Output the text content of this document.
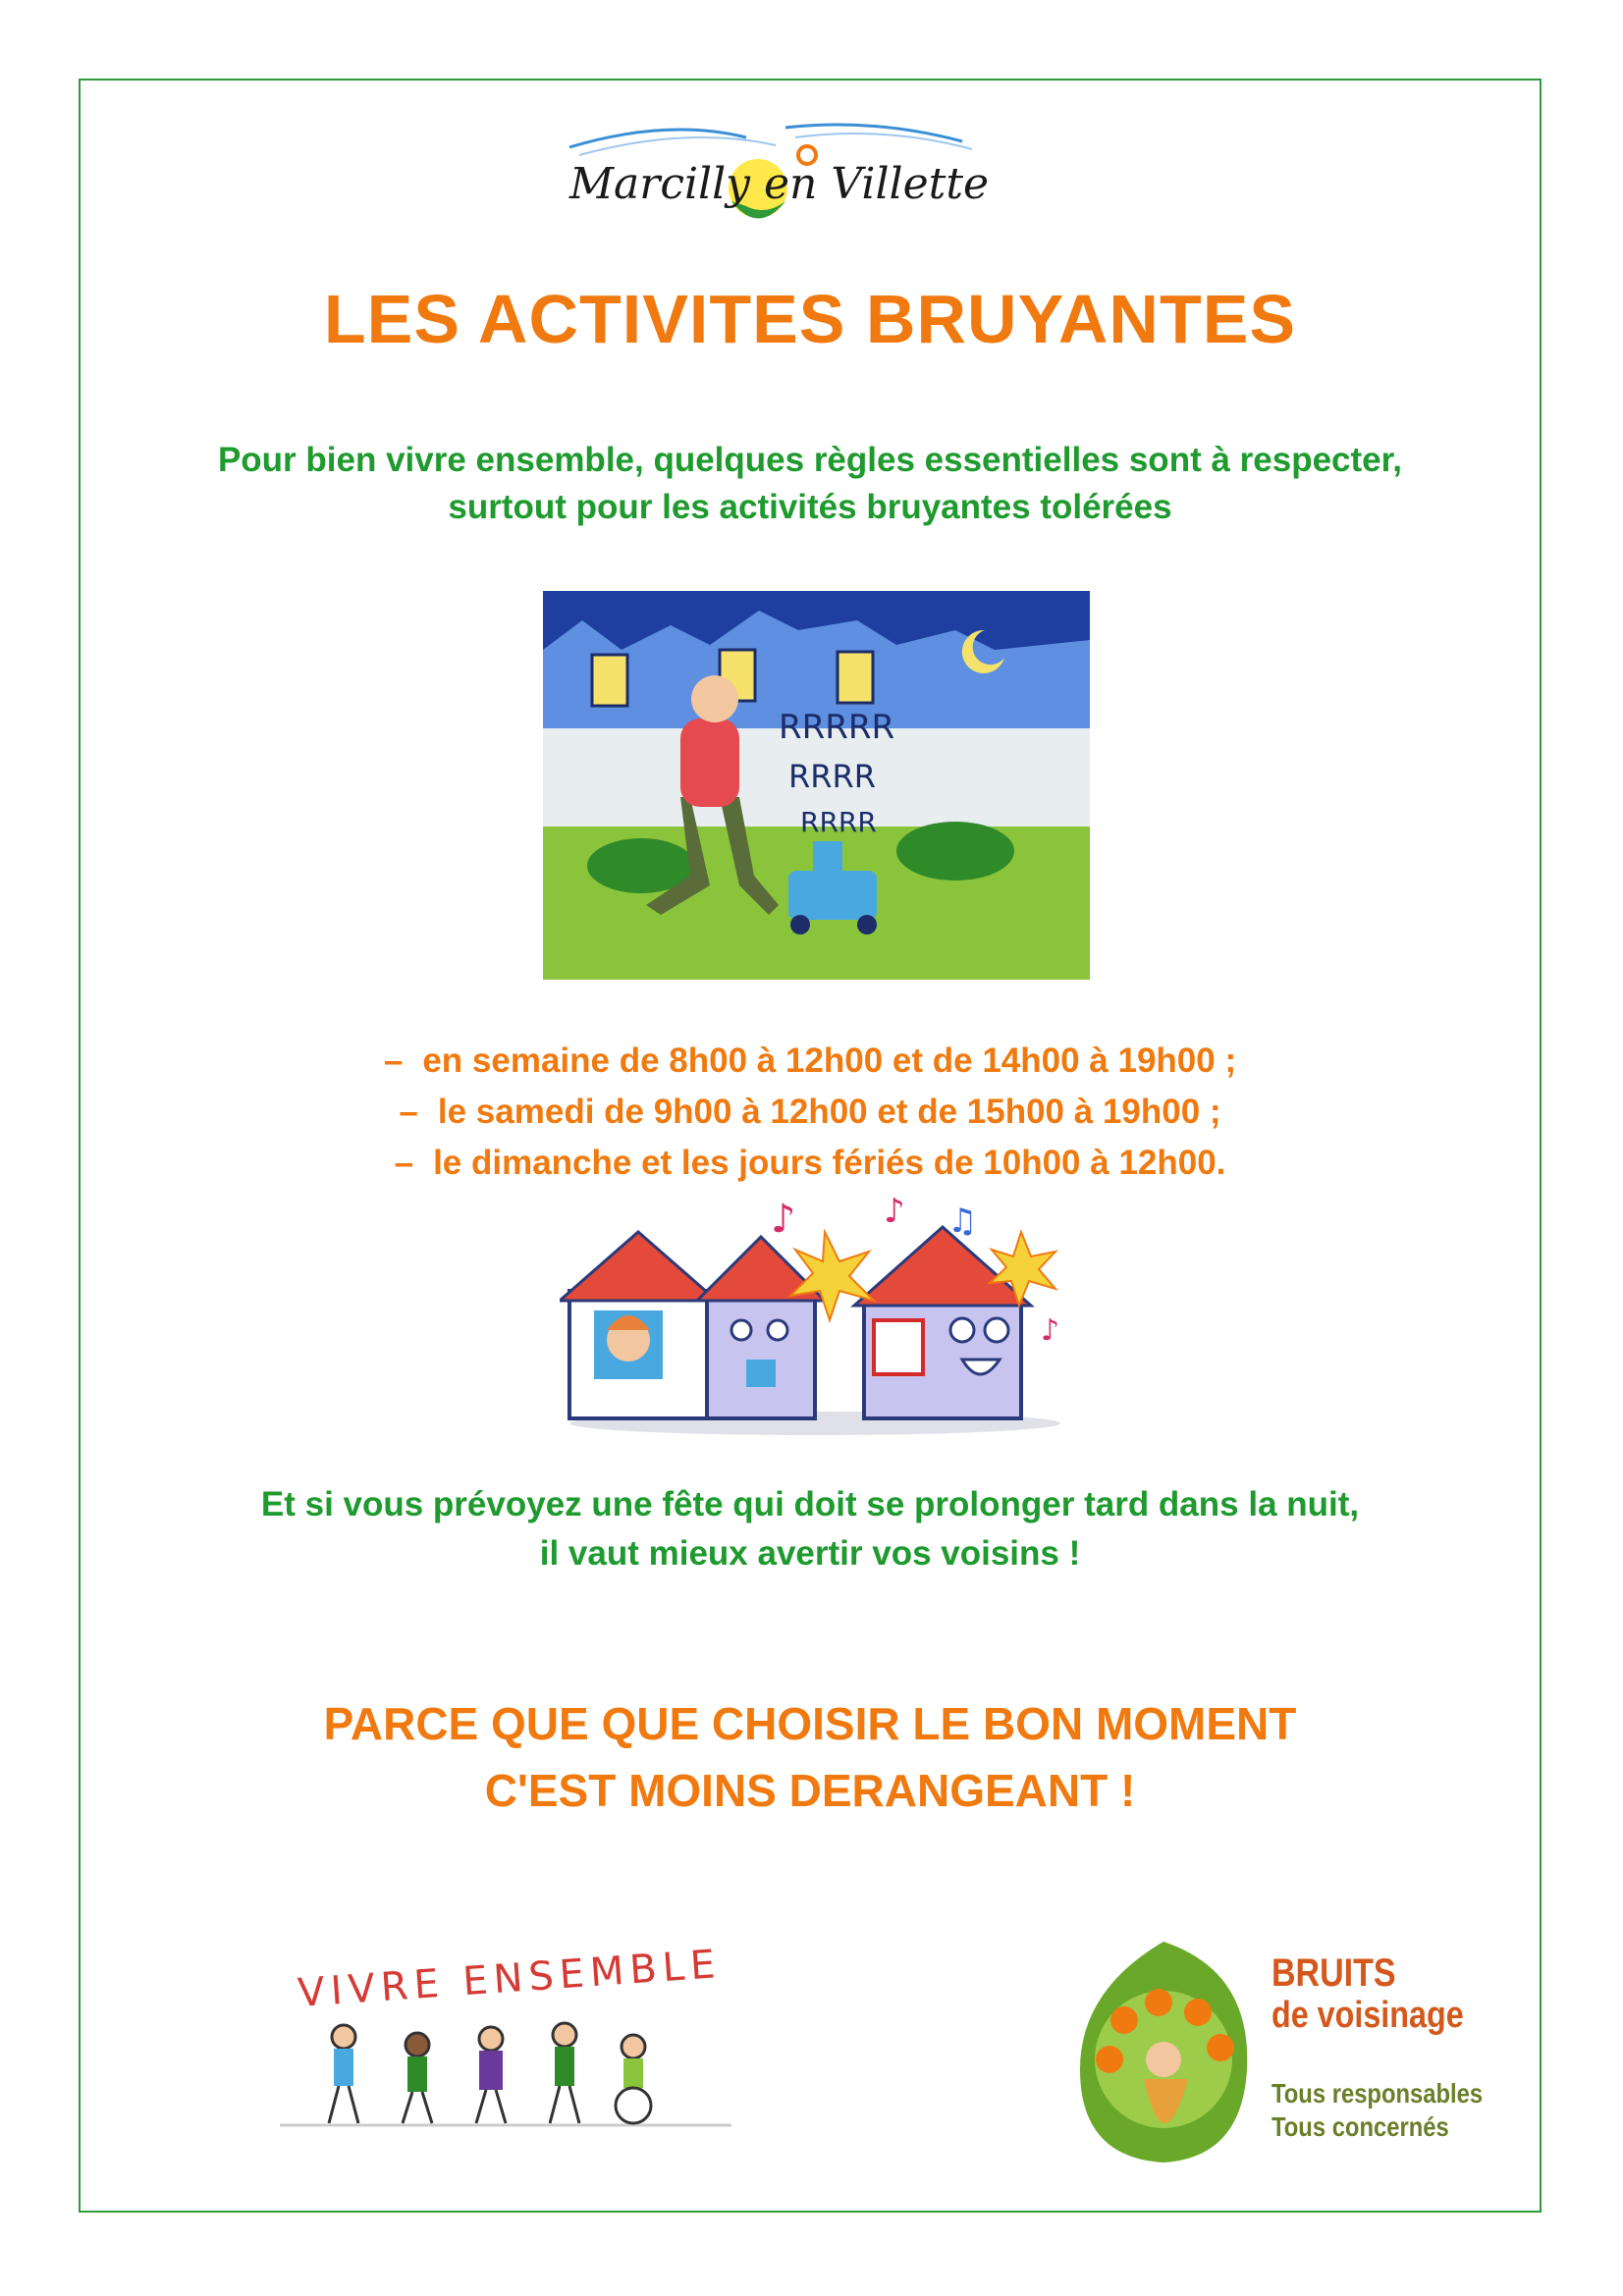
Marcilly en Villette
LES ACTIVITES BRUYANTES
Pour bien vivre ensemble, quelques règles essentielles sont à respecter,
surtout pour les activités bruyantes tolérées
RRRRR
RRRR
RRRR
– en semaine de 8h00 à 12h00 et de 14h00 à 19h00 ;
– le samedi de 9h00 à 12h00 et de 15h00 à 19h00 ;
– le dimanche et les jours fériés de 10h00 à 12h00.
♪	♪ ♫
♪
Et si vous prévoyez une fête qui doit se prolonger tard dans la nuit,
il vaut mieux avertir vos voisins !
PARCE QUE QUE CHOISIR LE BON MOMENT
C'EST MOINS DERANGEANT !
VIVRE ENSEMBLE	BRUITS
de voisinage
Tous responsables
Tous concernés
